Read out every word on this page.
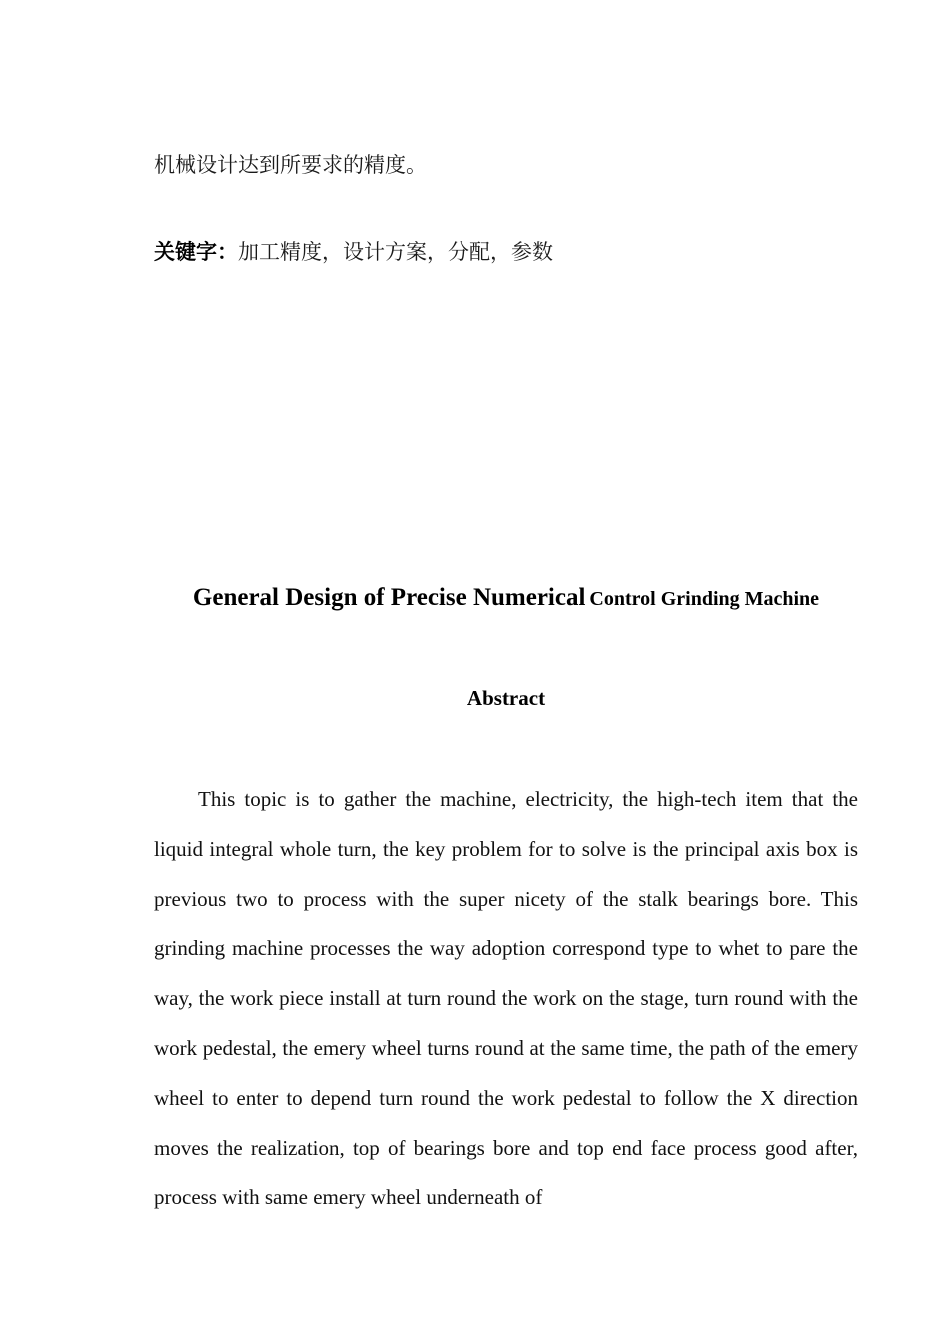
机械设计达到所要求的精度。
关键字：加工精度，设计方案，分配，参数
General Design of Precise Numerical Control Grinding Machine
Abstract

This topic is to gather the machine, electricity, the high-tech item that the liquid integral whole turn, the key problem for to solve is the principal axis box is previous two to process with the super nicety of the stalk bearings bore. This grinding machine processes the way adoption correspond type to whet to pare the way, the work piece install at turn round the work on the stage, turn round with the work pedestal, the emery wheel turns round at the same time, the path of the emery wheel to enter to depend turn round the work pedestal to follow the X direction moves the realization, top of bearings bore and top end face process good after, process with same emery wheel underneath of
